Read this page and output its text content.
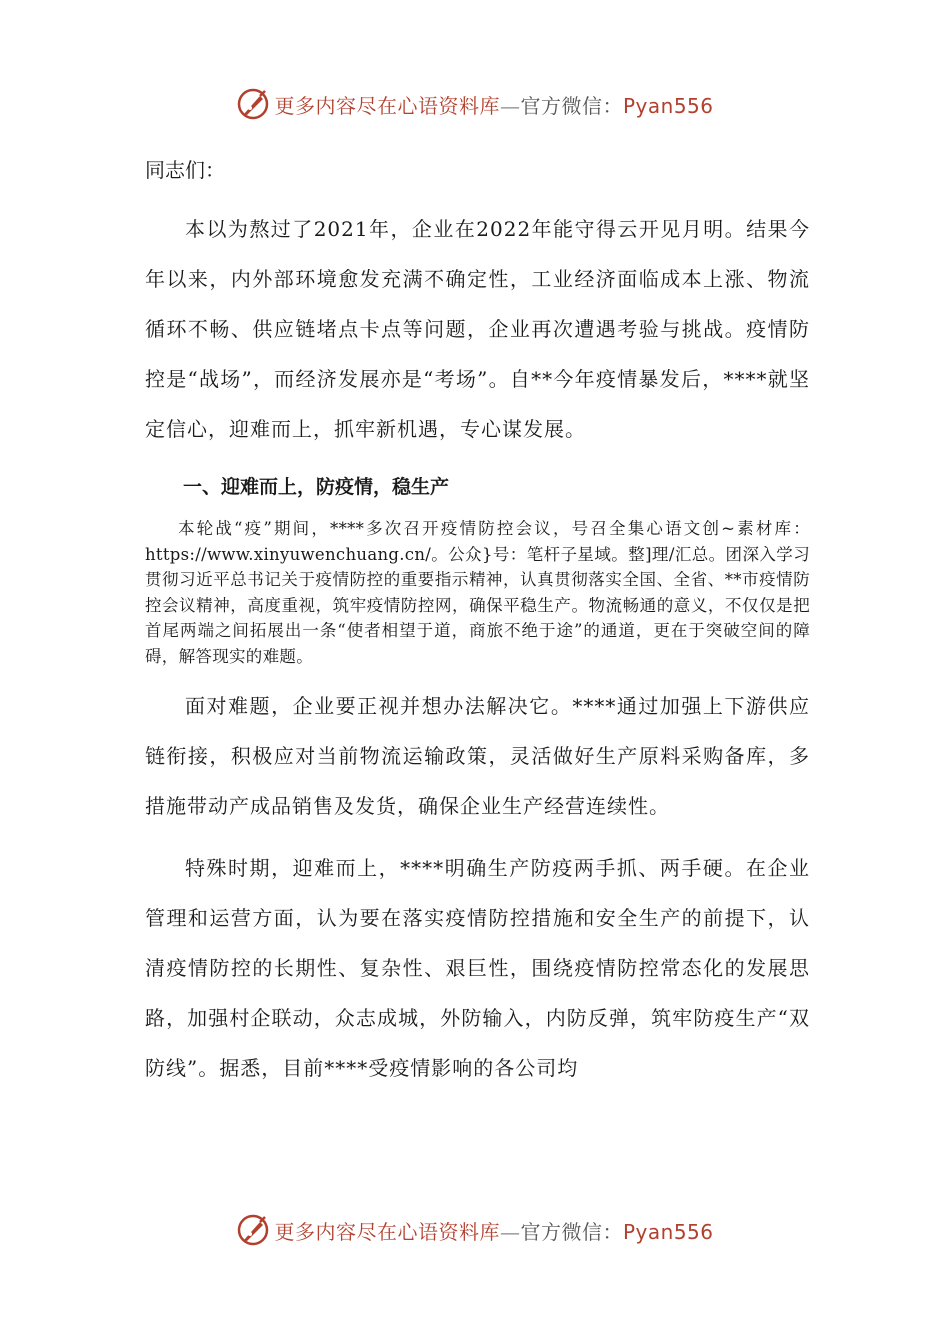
更多内容尽在心语资料库—官方微信：Pyan556

同志们：

本以为熬过了2021年，企业在2022年能守得云开见月明。结果今年以来，内外部环境愈发充满不确定性，工业经济面临成本上涨、物流循环不畅、供应链堵点卡点等问题，企业再次遭遇考验与挑战。疫情防控是“战场”，而经济发展亦是“考场”。自**今年疫情暴发后，****就坚定信心，迎难而上，抓牢新机遇，专心谋发展。

一、迎难而上，防疫情，稳生产

本轮战“疫”期间，****多次召开疫情防控会议，号召全集心语文创~素材库：https://www.xinyuwenchuang.cn/。公众}号：笔杆子星域。整]理/汇总。团深入学习贯彻习近平总书记关于疫情防控的重要指示精神，认真贯彻落实全国、全省、**市疫情防控会议精神，高度重视，筑牢疫情防控网，确保平稳生产。物流畅通的意义，不仅仅是把首尾两端之间拓展出一条“使者相望于道，商旅不绝于途”的通道，更在于突破空间的障碍，解答现实的难题。

面对难题，企业要正视并想办法解决它。****通过加强上下游供应链衔接，积极应对当前物流运输政策，灵活做好生产原料采购备库，多措施带动产成品销售及发货，确保企业生产经营连续性。

特殊时期，迎难而上，****明确生产防疫两手抓、两手硬。在企业管理和运营方面，认为要在落实疫情防控措施和安全生产的前提下，认清疫情防控的长期性、复杂性、艰巨性，围绕疫情防控常态化的发展思路，加强村企联动，众志成城，外防输入，内防反弹，筑牢防疫生产“双防线”。据悉，目前****受疫情影响的各公司均

更多内容尽在心语资料库—官方微信：Pyan556
